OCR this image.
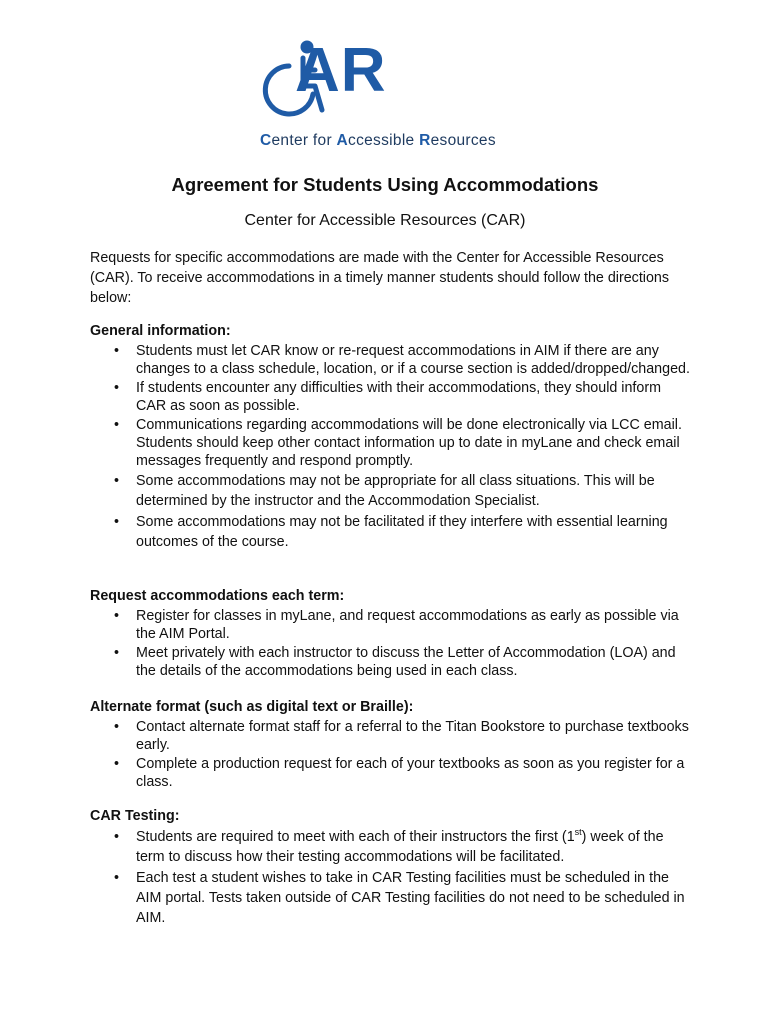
AR
Center for Accessible Resources
Agreement for Students Using Accommodations
Center for Accessible Resources (CAR)
Requests for specific accommodations are made with the Center for Accessible Resources (CAR). To receive accommodations in a timely manner students should follow the directions below:
General information:
• Students must let CAR know or re-request accommodations in AIM if there are any changes to a class schedule, location, or if a course section is added/dropped/changed.
• If students encounter any difficulties with their accommodations, they should inform CAR as soon as possible.
• Communications regarding accommodations will be done electronically via LCC email. Students should keep other contact information up to date in myLane and check email messages frequently and respond promptly.
• Some accommodations may not be appropriate for all class situations. This will be determined by the instructor and the Accommodation Specialist.
• Some accommodations may not be facilitated if they interfere with essential learning outcomes of the course.
Request accommodations each term:
• Register for classes in myLane, and request accommodations as early as possible via the AIM Portal.
• Meet privately with each instructor to discuss the Letter of Accommodation (LOA) and the details of the accommodations being used in each class.
Alternate format (such as digital text or Braille):
• Contact alternate format staff for a referral to the Titan Bookstore to purchase textbooks early.
• Complete a production request for each of your textbooks as soon as you register for a class.
CAR Testing:
• Students are required to meet with each of their instructors the first (1st) week of the term to discuss how their testing accommodations will be facilitated.
• Each test a student wishes to take in CAR Testing facilities must be scheduled in the AIM portal. Tests taken outside of CAR Testing facilities do not need to be scheduled in AIM.
